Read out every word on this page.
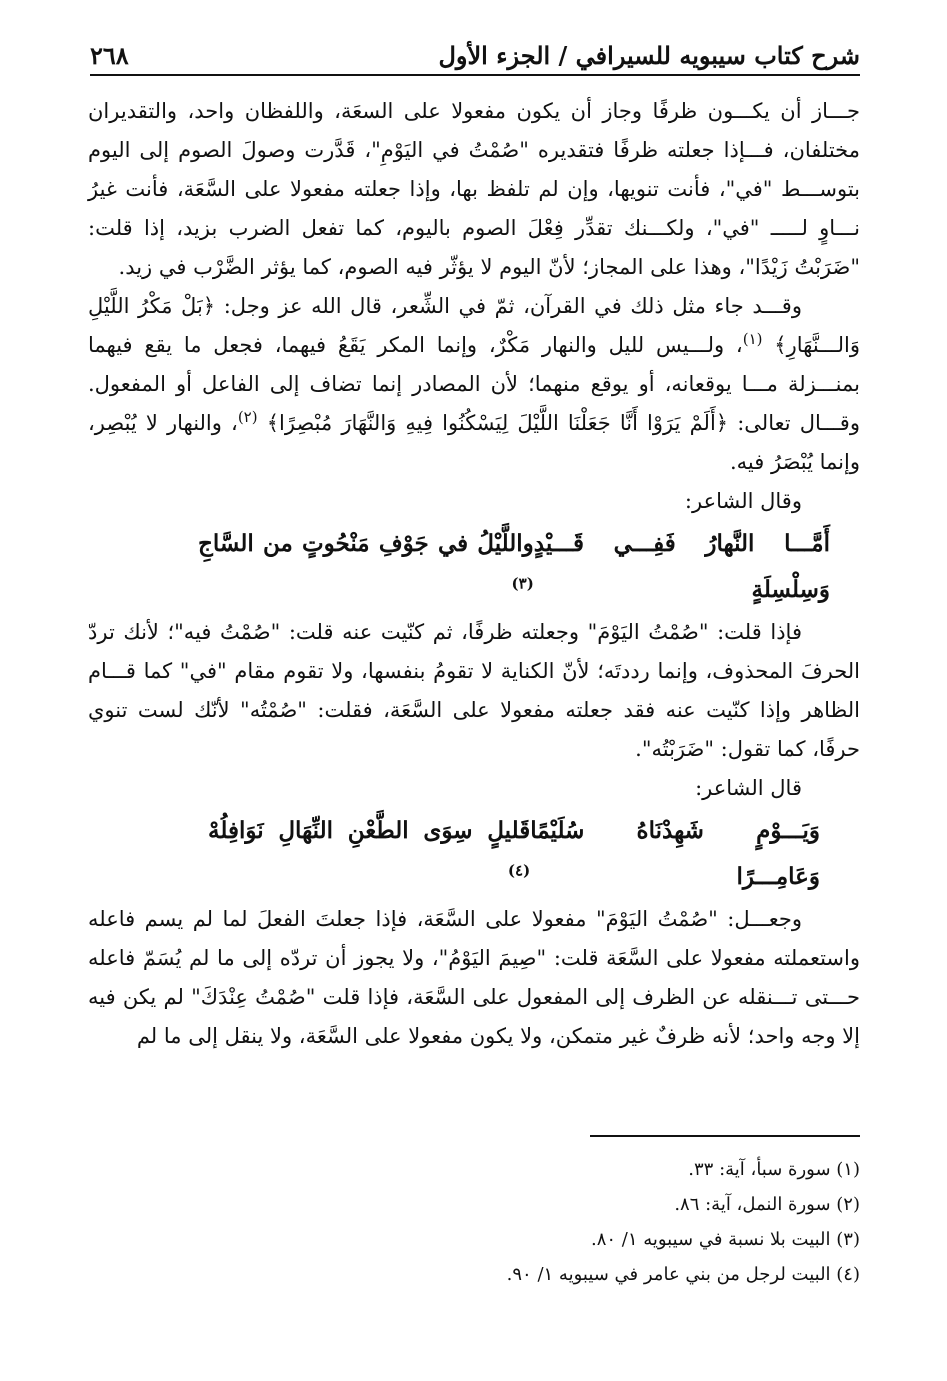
شرح كتاب سيبويه للسيرافي / الجزء الأول
٢٦٨

جـــاز أن يكـــون ظرفًا وجاز أن يكون مفعولا على السعَة، واللفظان واحد، والتقديران مختلفان، فـــإذا جعلته ظرفًا فتقديره "صُمْتُ في اليَوْمِ"، قَدَّرت وصولَ الصوم إلى اليوم بتوســـط "في"، فأنت تنويها، وإن لم تلفظ بها، وإذا جعلته مفعولا على السَّعَة، فأنت غيرُ نـــاوٍ لـــــ "في"، ولكـــنك تقدِّر فِعْلَ الصوم باليوم، كما تفعل الضرب بزيد، إذا قلت: "ضَرَبْتُ زَيْدًا"، وهذا على المجاز؛ لأنّ اليوم لا يؤثّر فيه الصوم، كما يؤثر الضَّرْب في زيد.

وقـــد جاء مثل ذلك في القرآن، ثمّ في الشِّعر، قال الله عز وجل: ﴿بَلْ مَكْرُ اللَّيْلِ وَالـــنَّهَارِ﴾ $^{(١)}$، ولـــيس لليل والنهار مَكْرٌ، وإنما المكر يَقَعُ فيهما، فجعل ما يقع فيهما بمنـــزلة مـــا يوقعانه، أو يوقع منهما؛ لأن المصادر إنما تضاف إلى الفاعل أو المفعول. وقـــال تعالى: ﴿أَلَمْ يَرَوْا أَنَّا جَعَلْنَا اللَّيْلَ لِيَسْكُنُوا فِيهِ وَالنَّهَارَ مُبْصِرًا﴾ $^{(٢)}$، والنهار لا يُبْصِر، وإنما يُبْصَرُ فيه.

وقال الشاعر:

أَمَّـــا النَّهارُ فَفِـــي قَـــيْدٍ وَسِلْسِلَةٍ
واللَّيْلُ في جَوْفِ مَنْحُوتٍ من السَّاجِ $^{(٣)}$

فإذا قلت: "صُمْتُ اليَوْمَ" وجعلته ظرفًا، ثم كنّيت عنه قلت: "صُمْتُ فيه"؛ لأنك تردّ الحرفَ المحذوف، وإنما رددتَه؛ لأنّ الكناية لا تقومُ بنفسها، ولا تقوم مقام "في" كما قـــام الظاهر وإذا كنّيت عنه فقد جعلته مفعولا على السَّعَة، فقلت: "صُمْتُه" لأنّك لست تنوي حرفًا، كما تقول: "ضَرَبْتُه".

قال الشاعر:

وَيَـــوْمٍ شَهِدْنَاهُ سُلَيْمًا وَعَامِـــرًا
قَليلٍ سِوَى الطَّعْنِ النِّهَالِ نَوَافِلُهْ $^{(٤)}$

وجعـــل: "صُمْتُ اليَوْمَ" مفعولا على السَّعَة، فإذا جعلتَ الفعلَ لما لم يسم فاعله واستعملته مفعولا على السَّعَة قلت: "صِيمَ اليَوْمُ"، ولا يجوز أن تردّه إلى ما لم يُسَمّ فاعله حـــتى تـــنقله عن الظرف إلى المفعول على السَّعَة، فإذا قلت "صُمْتُ عِنْدَكَ" لم يكن فيه إلا وجه واحد؛ لأنه ظرفٌ غير متمكن، ولا يكون مفعولا على السَّعَة، ولا ينقل إلى ما لم

(١) سورة سبأ، آية: ٣٣.
(٢) سورة النمل، آية: ٨٦.
(٣) البيت بلا نسبة في سيبويه ١/ ٨٠.
(٤) البيت لرجل من بني عامر في سيبويه ١/ ٩٠.
